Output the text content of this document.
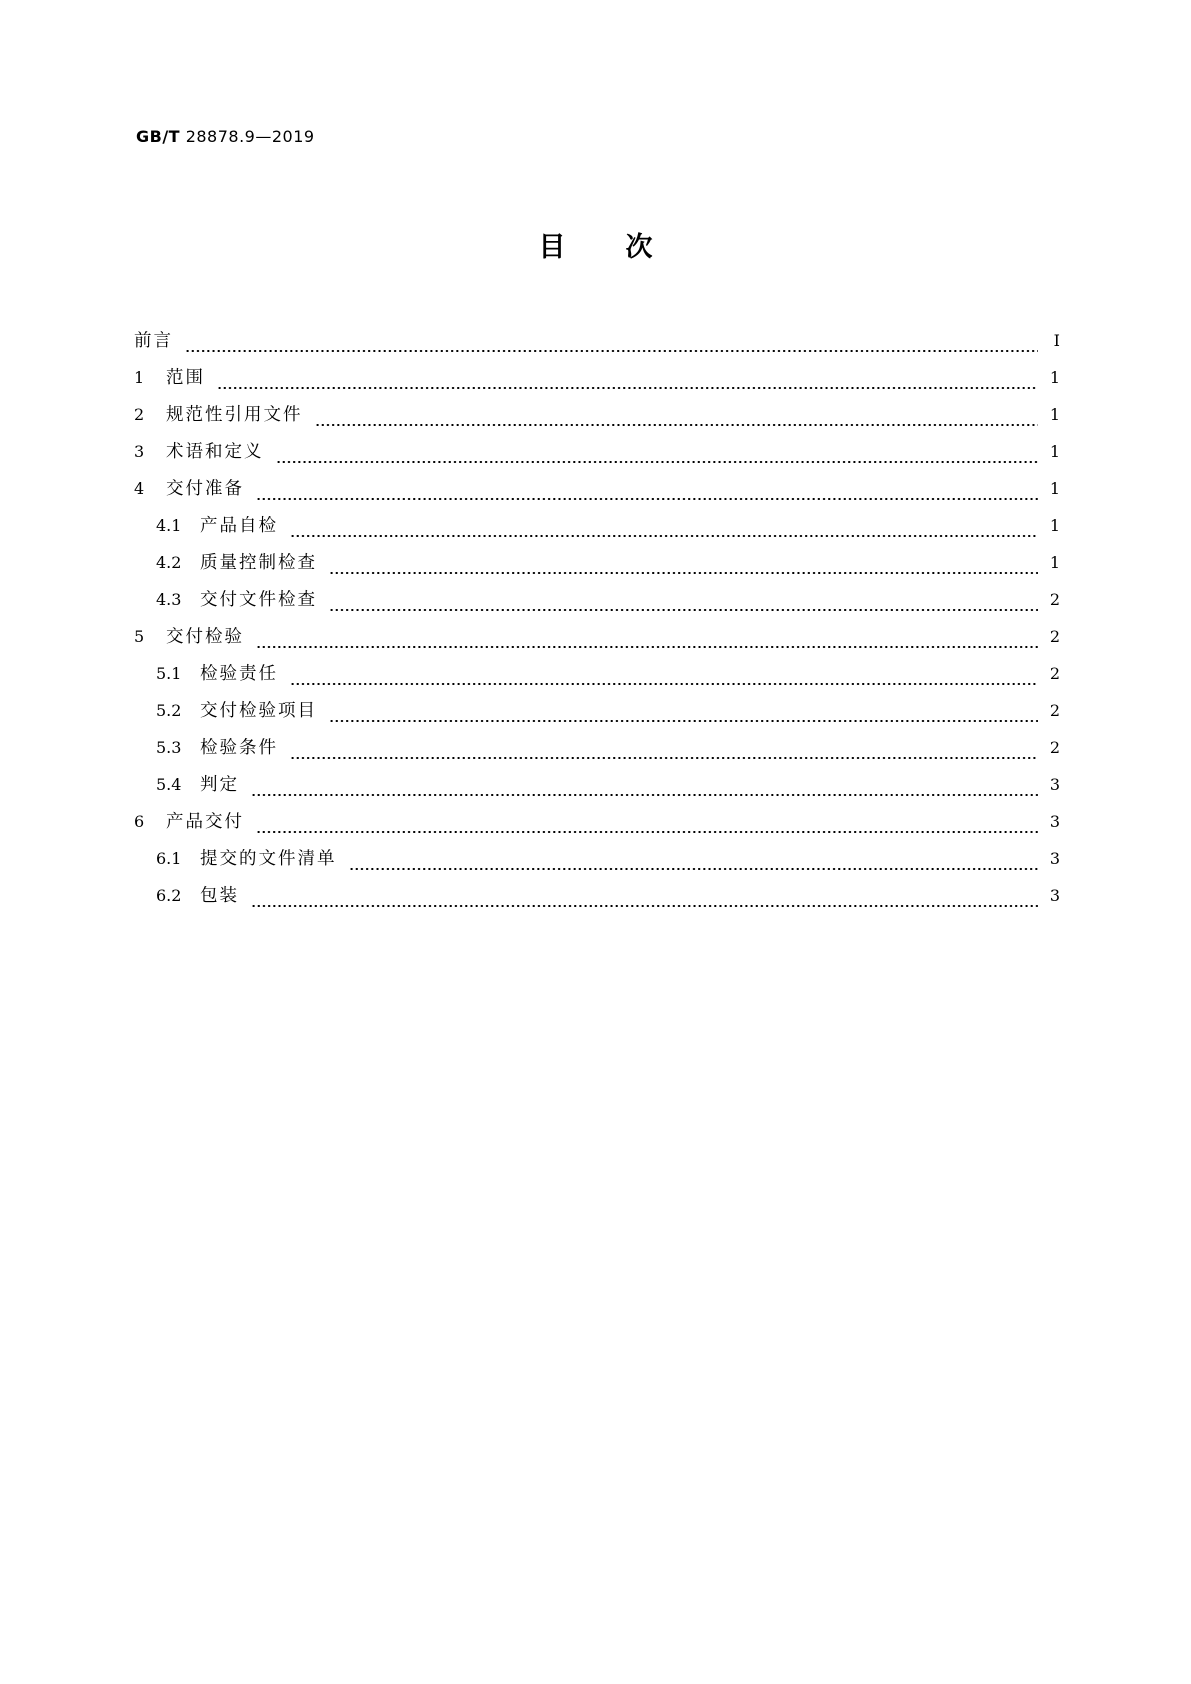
GB/T 28878.9—2019
目 次
前言	Ⅰ
1	范围	1
2	规范性引用文件	1
3	术语和定义	1
4	交付准备	1
4.1 产品自检	1
4.2 质量控制检查	1
4.3 交付文件检查	2
5	交付检验	2
5.1 检验责任	2
5.2 交付检验项目	2
5.3 检验条件	2
5.4 判定	3
6	产品交付	3
6.1 提交的文件清单	3
6.2 包装	3
